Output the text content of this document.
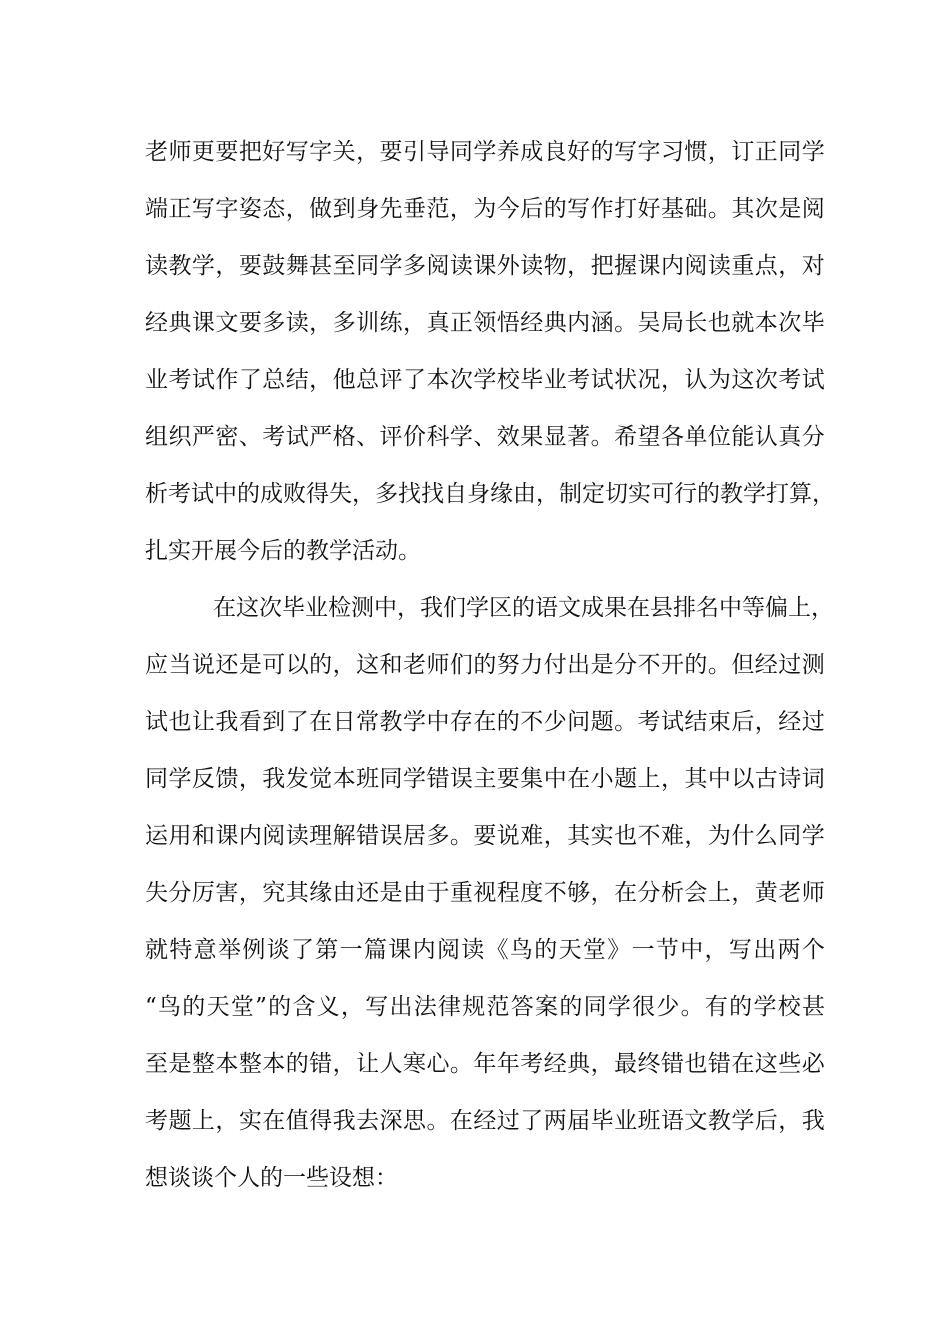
老 师 更 要 把 好 写 字 关 ， 要 引 导 同 学 养 成 良 好 的 写 字 习 惯 ， 订 正 同 学
端 正 写 字 姿 态 ， 做 到 身 先 垂 范 ， 为 今 后 的 写 作 打 好 基 础 。 其 次 是 阅
读 教 学 ， 要 鼓 舞 甚 至 同 学 多 阅 读 课 外 读 物 ， 把 握 课 内 阅 读 重 点 ， 对
经 典 课 文 要 多 读 ， 多 训 练 ， 真 正 领 悟 经 典 内 涵 。 吴 局 长 也 就 本 次 毕
业 考 试 作 了 总 结 ， 他 总 评 了 本 次 学 校 毕 业 考 试 状 况 ， 认 为 这 次 考 试
组 织 严 密 、 考 试 严 格 、 评 价 科 学 、 效 果 显 著 。 希 望 各 单 位 能 认 真 分
析 考 试 中 的 成 败 得 失 ， 多 找 找 自 身 缘 由 ， 制 定 切 实 可 行 的 教 学 打 算 ，
扎实开展今后的教学活动。
在 这 次 毕 业 检 测 中 ， 我 们 学 区 的 语 文 成 果 在 县 排 名 中 等 偏 上 ，
应 当 说 还 是 可 以 的 ， 这 和 老 师 们 的 努 力 付 出 是 分 不 开 的 。 但 经 过 测
试 也 让 我 看 到 了 在 日 常 教 学 中 存 在 的 不 少 问 题 。 考 试 结 束 后 ， 经 过
同 学 反 馈 ， 我 发 觉 本 班 同 学 错 误 主 要 集 中 在 小 题 上 ， 其 中 以 古 诗 词
运 用 和 课 内 阅 读 理 解 错 误 居 多 。 要 说 难 ， 其 实 也 不 难 ， 为 什 么 同 学
失 分 厉 害 ， 究 其 缘 由 还 是 由 于 重 视 程 度 不 够 ， 在 分 析 会 上 ， 黄 老 师
就 特 意 举 例 谈 了 第 一 篇 课 内 阅 读 《 鸟 的 天 堂 》 一 节 中 ， 写 出 两 个
“ 鸟 的 天 堂 ” 的 含 义 ， 写 出 法 律 规 范 答 案 的 同 学 很 少 。 有 的 学 校 甚
至 是 整 本 整 本 的 错 ， 让 人 寒 心 。 年 年 考 经 典 ， 最 终 错 也 错 在 这 些 必
考 题 上 ， 实 在 值 得 我 去 深 思 。 在 经 过 了 两 届 毕 业 班 语 文 教 学 后 ， 我
想谈谈个人的一些设想：
